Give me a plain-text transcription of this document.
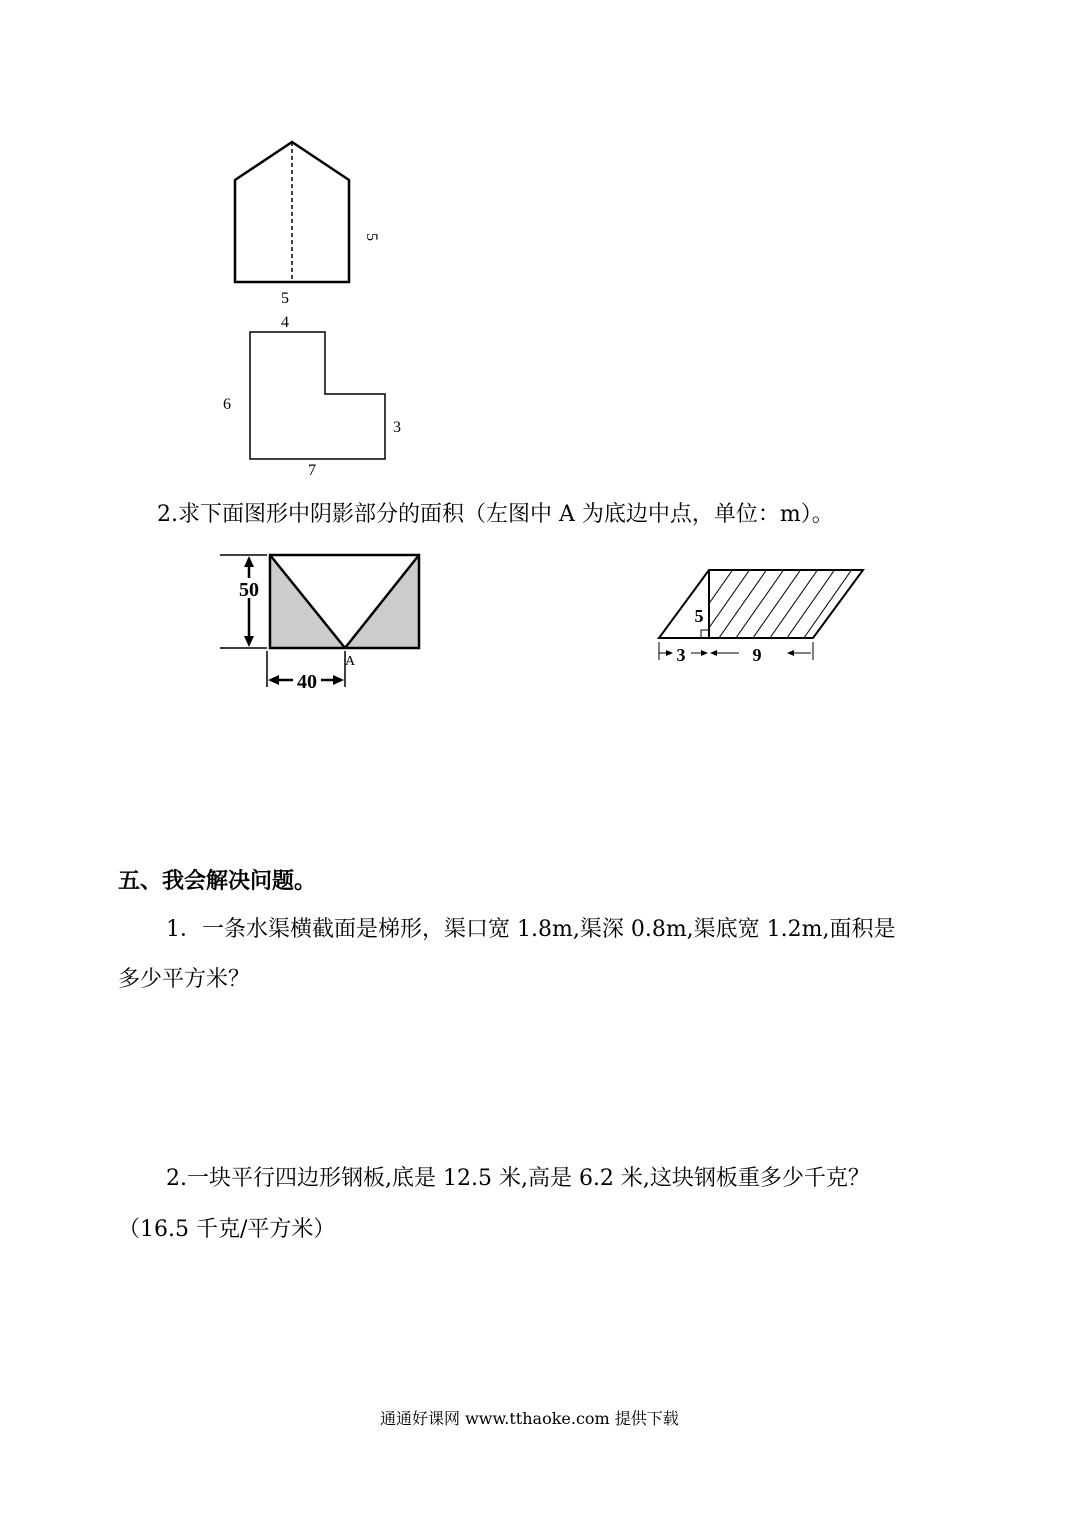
5
5
4
6
3
7
2.求下面图形中阴影部分的面积（左图中 A 为底边中点，单位：m）。
50
40
A
5
3	9
五、我会解决问题。
1．一条水渠横截面是梯形，渠口宽 1.8m,渠深 0.8m,渠底宽 1.2m,面积是
多少平方米？
2.一块平行四边形钢板,底是 12.5 米,高是 6.2 米,这块钢板重多少千克？
（16.5 千克/平方米）
通通好课网 www.tthaoke.com 提供下载
